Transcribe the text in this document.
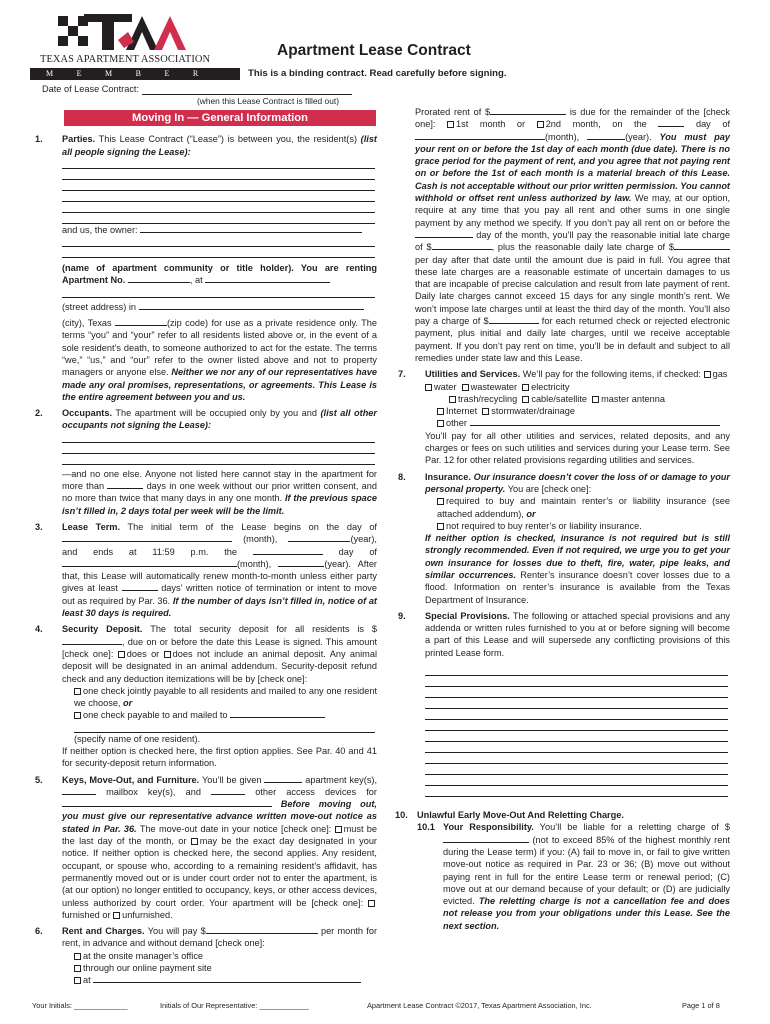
TEXAS APARTMENT ASSOCIATION
MEMBER
Apartment Lease Contract
This is a binding contract. Read carefully before signing.
Date of Lease Contract:
(when this Lease Contract is filled out)
Moving In — General Information
1. Parties. This Lease Contract (“Lease”) is between you, the resident(s) (list all people signing the Lease):
and us, the owner:
(name of apartment community or title holder). You are renting Apartment No.	, at
(street address) in
(city), Texas	(zip code) for use as a private residence only. The terms “you” and “your” refer to all residents listed above or, in the event of a sole resident’s death, to someone authorized to act for the estate. The terms “we,” “us,” and “our” refer to the owner listed above and not to property managers or anyone else. Neither we nor any of our representatives have made any oral promises, representations, or agreements. This Lease is the entire agreement between you and us.
2. Occupants. The apartment will be occupied only by you and (list all other occupants not signing the Lease):
—and no one else. Anyone not listed here cannot stay in the apartment for more than	days in one week without our prior written consent, and no more than twice that many days in any one month. If the previous space isn’t filled in, 2 days total per week will be the limit.
3. Lease Term. The initial term of the Lease begins on the day of  (month),	(year), and ends at 11:59 p.m. the	day of (month),	(year). After that, this Lease will automatically renew month-to-month unless either party gives at least	days’ written notice of termination or intent to move out as required by Par. 36. If the number of days isn’t filled in, notice of at least 30 days is required.
4. Security Deposit. The total security deposit for all residents is $, due on or before the date this Lease is signed. This amount [check one]: does or does not include an animal deposit. Any animal deposit will be designated in an animal addendum. Security-deposit refund check and any deduction itemizations will be by [check one]:
one check jointly payable to all residents and mailed to any one resident we choose, or
one check payable to and mailed to
(specify name of one resident).
If neither option is checked here, the first option applies. See Par. 40 and 41 for security-deposit return information.
5. Keys, Move-Out, and Furniture. You’ll be given	apartment key(s),  mailbox key(s), and	other access devices for  Before moving out, you must give our representative advance written move-out notice as stated in Par. 36. The move-out date in your notice [check one]: must be the last day of the month, or may be the exact day designated in your notice. If neither option is checked here, the second applies. Any resident, occupant, or spouse who, according to a remaining resident’s affidavit, has permanently moved out or is under court order not to enter the apartment, is (at our option) no longer entitled to occupancy, keys, or other access devices, unless authorized by court order. Your apartment will be [check one]: furnished or unfurnished.
6. Rent and Charges. You will pay $	per month for rent, in advance and without demand [check one]:
at the onsite manager’s office
through our online payment site
at
Prorated rent of $	is due for the remainder of the [check one]: 1st month or 2nd month, on the	day of (month),	(year). You must pay your rent on or before the 1st day of each month (due date). There is no grace period for the payment of rent, and you agree that not paying rent on or before the 1st of each month is a material breach of this Lease. Cash is not acceptable without our prior written permission. You cannot withhold or offset rent unless authorized by law. We may, at our option, require at any time that you pay all rent and other sums in one single payment by any method we specify. If you don’t pay all rent on or before the  day of the month, you’ll pay the reasonable initial late charge of $	, plus the reasonable daily late charge of $ per day after that date until the amount due is paid in full. You agree that these late charges are a reasonable estimate of uncertain damages to us that are incapable of precise calculation and result from late payment of rent. Daily late charges cannot exceed 15 days for any single month’s rent. We won’t impose late charges until at least the third day of the month. You’ll also pay a charge of $	for each returned check or rejected electronic payment, plus initial and daily late charges, until we receive acceptable payment. If you don’t pay rent on time, you’ll be in default and subject to all remedies under state law and this Lease.
7. Utilities and Services. We’ll pay for the following items, if checked: gas  water wastewater electricity
trash/recycling cable/satellite master antenna
Internet stormwater/drainage
other
You’ll pay for all other utilities and services, related deposits, and any charges or fees on such utilities and services during your Lease term. See Par. 12 for other related provisions regarding utilities and services.
8. Insurance. Our insurance doesn’t cover the loss of or damage to your personal property. You are [check one]:
required to buy and maintain renter’s or liability insurance (see attached addendum), or
not required to buy renter’s or liability insurance.
If neither option is checked, insurance is not required but is still strongly recommended. Even if not required, we urge you to get your own insurance for losses due to theft, fire, water, pipe leaks, and similar occurrences. Renter’s insurance doesn’t cover losses due to a flood. Information on renter’s insurance is available from the Texas Department of Insurance.
9. Special Provisions. The following or attached special provisions and any addenda or written rules furnished to you at or before signing will become a part of this Lease and will supersede any conflicting provisions of this printed Lease form.
10. Unlawful Early Move-Out And Reletting Charge.
10.1 Your Responsibility. You’ll be liable for a reletting charge of $ (not to exceed 85% of the highest monthly rent during the Lease term) if you: (A) fail to move in, or fail to give written move-out notice as required in Par. 23 or 36; (B) move out without paying rent in full for the entire Lease term or renewal period; (C) move out at our demand because of your default; or (D) are judicially evicted. The reletting charge is not a cancellation fee and does not release you from your obligations under this Lease. See the next section.
Your Initials: _____________	Initials of Our Representative: ____________	Apartment Lease Contract ©2017, Texas Apartment Association, Inc.	Page 1 of 8
